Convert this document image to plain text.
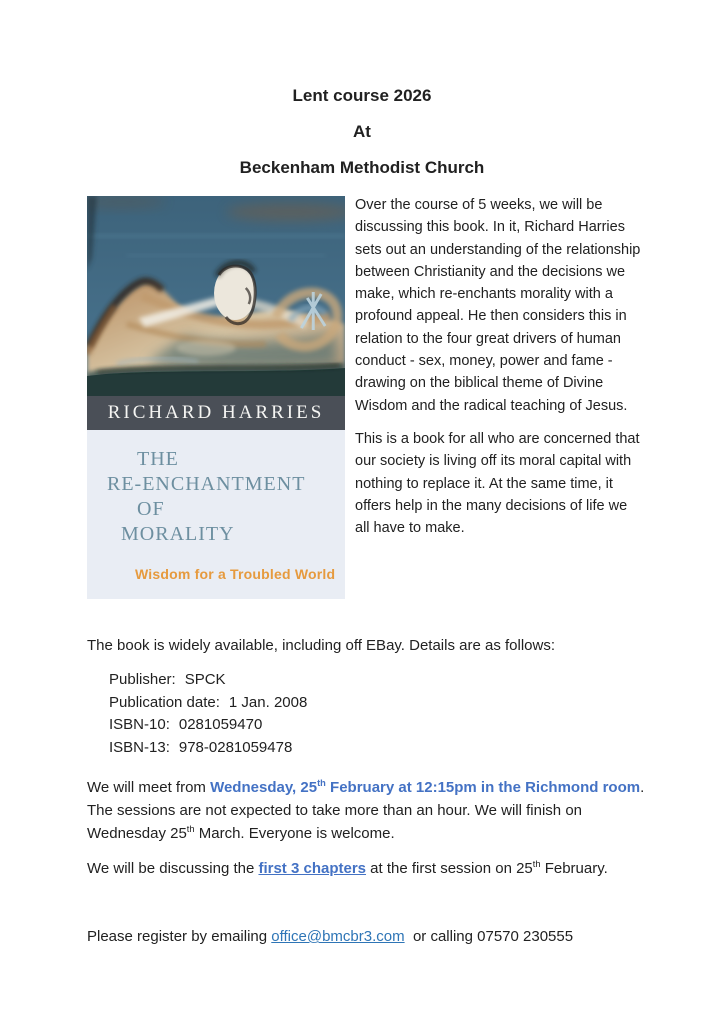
Lent course 2026

At

Beckenham Methodist Church

RICHARD HARRIES
THE
RE-ENCHANTMENT
OF
MORALITY
Wisdom for a Troubled World

Over the course of 5 weeks, we will be discussing this book. In it, Richard Harries sets out an understanding of the relationship between Christianity and the decisions we make, which re-enchants morality with a profound appeal. He then considers this in relation to the four great drivers of human conduct - sex, money, power and fame - drawing on the biblical theme of Divine Wisdom and the radical teaching of Jesus.

This is a book for all who are concerned that our society is living off its moral capital with nothing to replace it. At the same time, it offers help in the many decisions of life we all have to make.

The book is widely available, including off EBay. Details are as follows:

Publisher: SPCK
Publication date: 1 Jan. 2008
ISBN-10: 0281059470
ISBN-13: 978-0281059478

We will meet from Wednesday, 25th February at 12:15pm in the Richmond room. The sessions are not expected to take more than an hour. We will finish on Wednesday 25th March. Everyone is welcome.

We will be discussing the first 3 chapters at the first session on 25th February.

Please register by emailing office@bmcbr3.com  or calling 07570 230555
